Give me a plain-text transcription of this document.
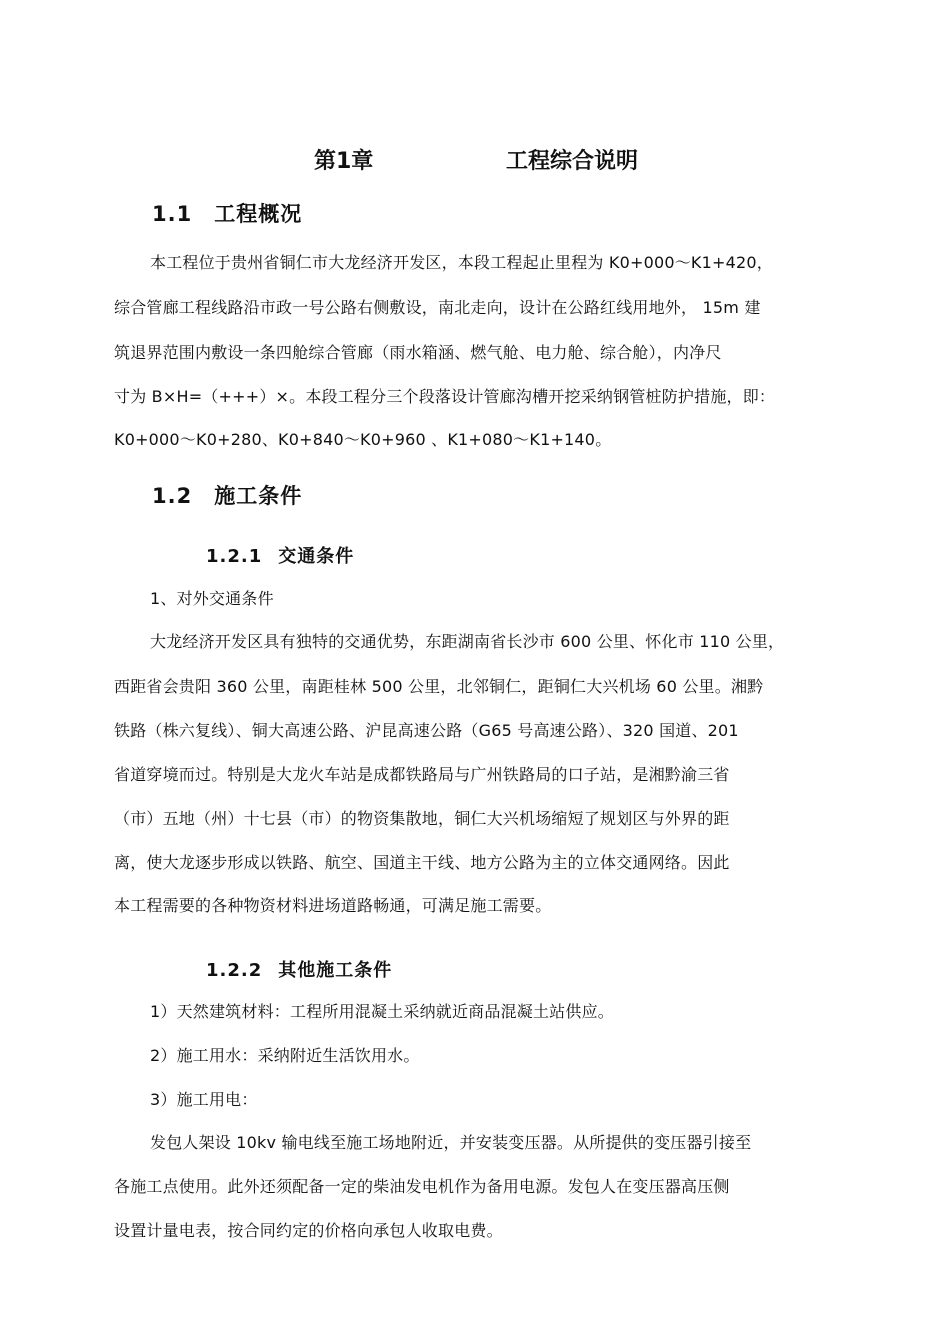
第1章	工程综合说明
1.1 工程概况
本工程位于贵州省铜仁市大龙经济开发区，本段工程起止里程为 K0+000～K1+420，
综合管廊工程线路沿市政一号公路右侧敷设，南北走向，设计在公路红线用地外， 15m 建
筑退界范围内敷设一条四舱综合管廊（雨水箱涵、燃气舱、电力舱、综合舱），内净尺
寸为 B×H=（+++）×。本段工程分三个段落设计管廊沟槽开挖采纳钢管桩防护措施，即：
K0+000～K0+280、K0+840～K0+960 、K1+080～K1+140。
1.2 施工条件
1.2.1 交通条件
1、对外交通条件
大龙经济开发区具有独特的交通优势，东距湖南省长沙市 600 公里、怀化市 110 公里，
西距省会贵阳 360 公里，南距桂林 500 公里，北邻铜仁，距铜仁大兴机场 60 公里。湘黔
铁路（株六复线）、铜大高速公路、沪昆高速公路（G65 号高速公路）、320 国道、201
省道穿境而过。特别是大龙火车站是成都铁路局与广州铁路局的口子站，是湘黔渝三省
（市）五地（州）十七县（市）的物资集散地，铜仁大兴机场缩短了规划区与外界的距
离，使大龙逐步形成以铁路、航空、国道主干线、地方公路为主的立体交通网络。因此
本工程需要的各种物资材料进场道路畅通，可满足施工需要。
1.2.2 其他施工条件
1）天然建筑材料：工程所用混凝土采纳就近商品混凝土站供应。
2）施工用水：采纳附近生活饮用水。
3）施工用电：
发包人架设 10kv 输电线至施工场地附近，并安装变压器。从所提供的变压器引接至
各施工点使用。此外还须配备一定的柴油发电机作为备用电源。发包人在变压器高压侧
设置计量电表，按合同约定的价格向承包人收取电费。
